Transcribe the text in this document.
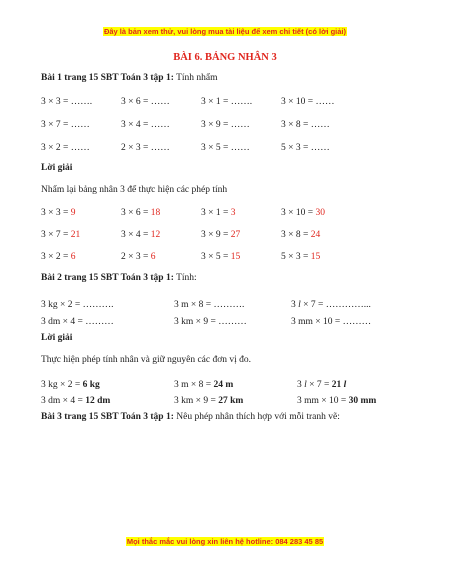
Đây là bản xem thử, vui lòng mua tài liệu để xem chi tiết (có lời giải)
BÀI 6. BẢNG NHÂN 3
Bài 1 trang 15 SBT Toán 3 tập 1: Tính nhẩm
3 × 3 = …….	3 × 6 = ……	3 × 1 = …….	3 × 10 = ……
3 × 7 = ……	3 × 4 = ……	3 × 9 = ……	3 × 8 = ……
3 × 2 = ……	2 × 3 = ……	3 × 5 = ……	5 × 3 = ……
Lời giải
Nhẩm lại bảng nhân 3 để thực hiện các phép tính
3 × 3 = 9	3 × 6 = 18	3 × 1 = 3	3 × 10 = 30
3 × 7 = 21	3 × 4 = 12	3 × 9 = 27	3 × 8 = 24
3 × 2 = 6	2 × 3 = 6	3 × 5 = 15	5 × 3 = 15
Bài 2 trang 15 SBT Toán 3 tập 1: Tính:
3 kg × 2 = ……….	3 m × 8 = ……….	3 l × 7 = …………...
3 dm × 4 = ………	3 km × 9 = ………	3 mm × 10 = ………
Lời giải
Thực hiện phép tính nhân và giữ nguyên các đơn vị đo.
3 kg × 2 = 6 kg	3 m × 8 = 24 m	3 l × 7 = 21 l
3 dm × 4 = 12 dm	3 km × 9 = 27 km	3 mm × 10 = 30 mm
Bài 3 trang 15 SBT Toán 3 tập 1: Nêu phép nhân thích hợp với mỗi tranh vẽ:
Mọi thắc mắc vui lòng xin liên hệ hotline: 084 283 45 85
